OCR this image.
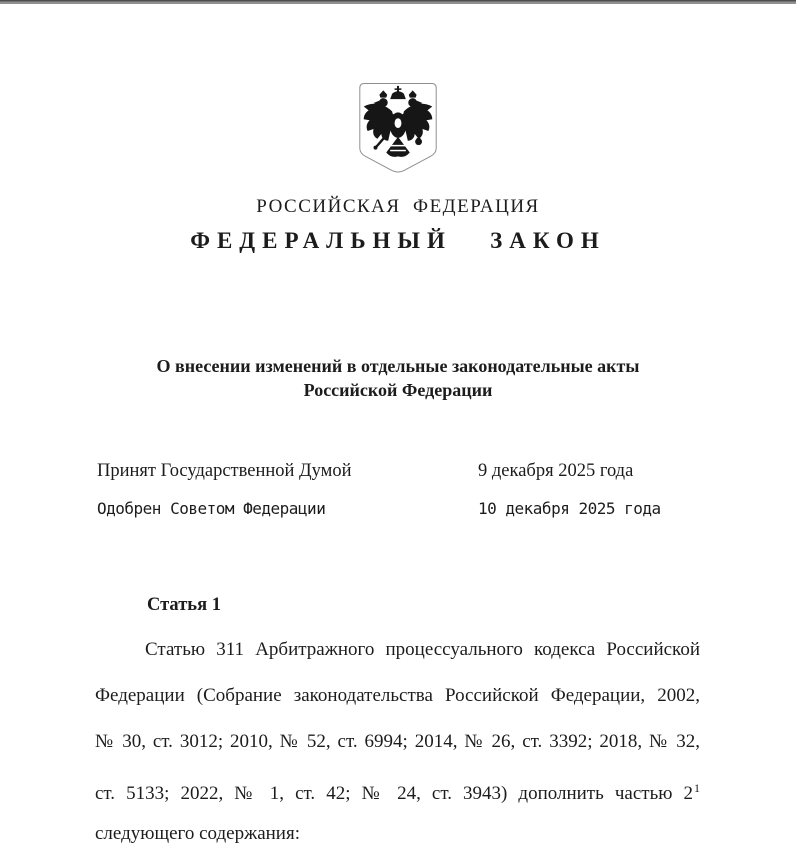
РОССИЙСКАЯ  ФЕДЕРАЦИЯ
ФЕДЕРАЛЬНЫЙ   ЗАКОН
О внесении изменений в отдельные законодательные акты
Российской Федерации
Принят Государственной Думой	9 декабря 2025 года
Одобрен Советом Федерации	10 декабря 2025 года
Статья 1
Статью 311 Арбитражного процессуального кодекса Российской
Федерации (Собрание законодательства Российской Федерации, 2002,
№ 30, ст. 3012; 2010, № 52, ст. 6994; 2014, № 26, ст. 3392; 2018, № 32,
ст. 5133; 2022, № 1, ст. 42; № 24, ст. 3943) дополнить частью $2^1$
следующего содержания:
